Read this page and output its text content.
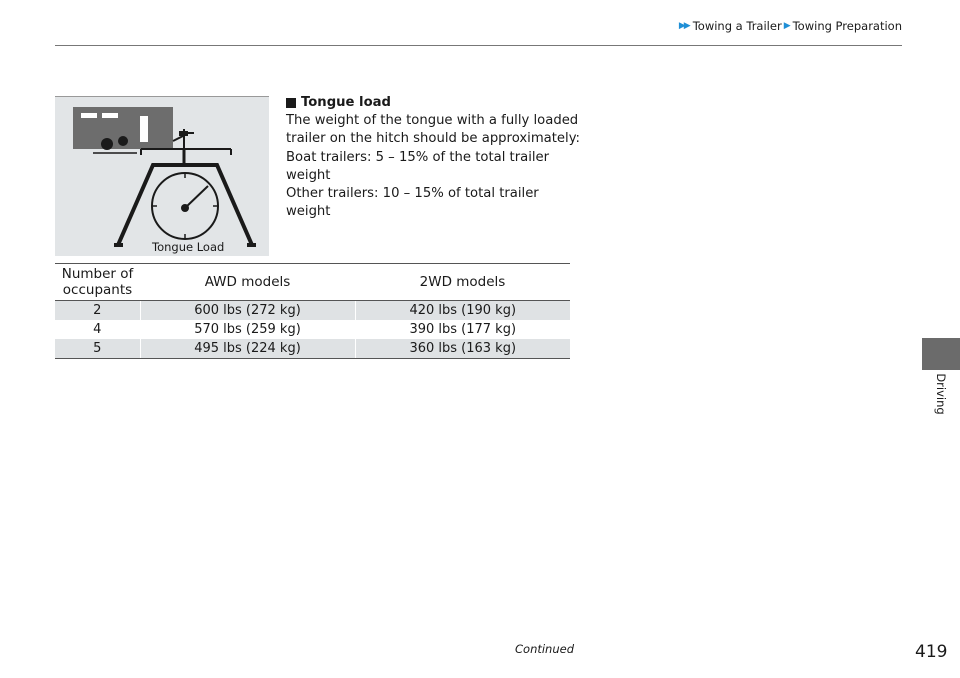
▶▶ Towing a Trailer ▶ Towing Preparation
Driving
Tongue Load
Tongue load

The weight of the tongue with a fully loaded

trailer on the hitch should be approximately:

Boat trailers: 5 – 15% of the total trailer

weight

Other trailers: 10 – 15% of total trailer weight

Number of occupants	AWD models	2WD models
2	600 lbs (272 kg)	420 lbs (190 kg)
4	570 lbs (259 kg)	390 lbs (177 kg)
5	495 lbs (224 kg)	360 lbs (163 kg)
Continued	419
